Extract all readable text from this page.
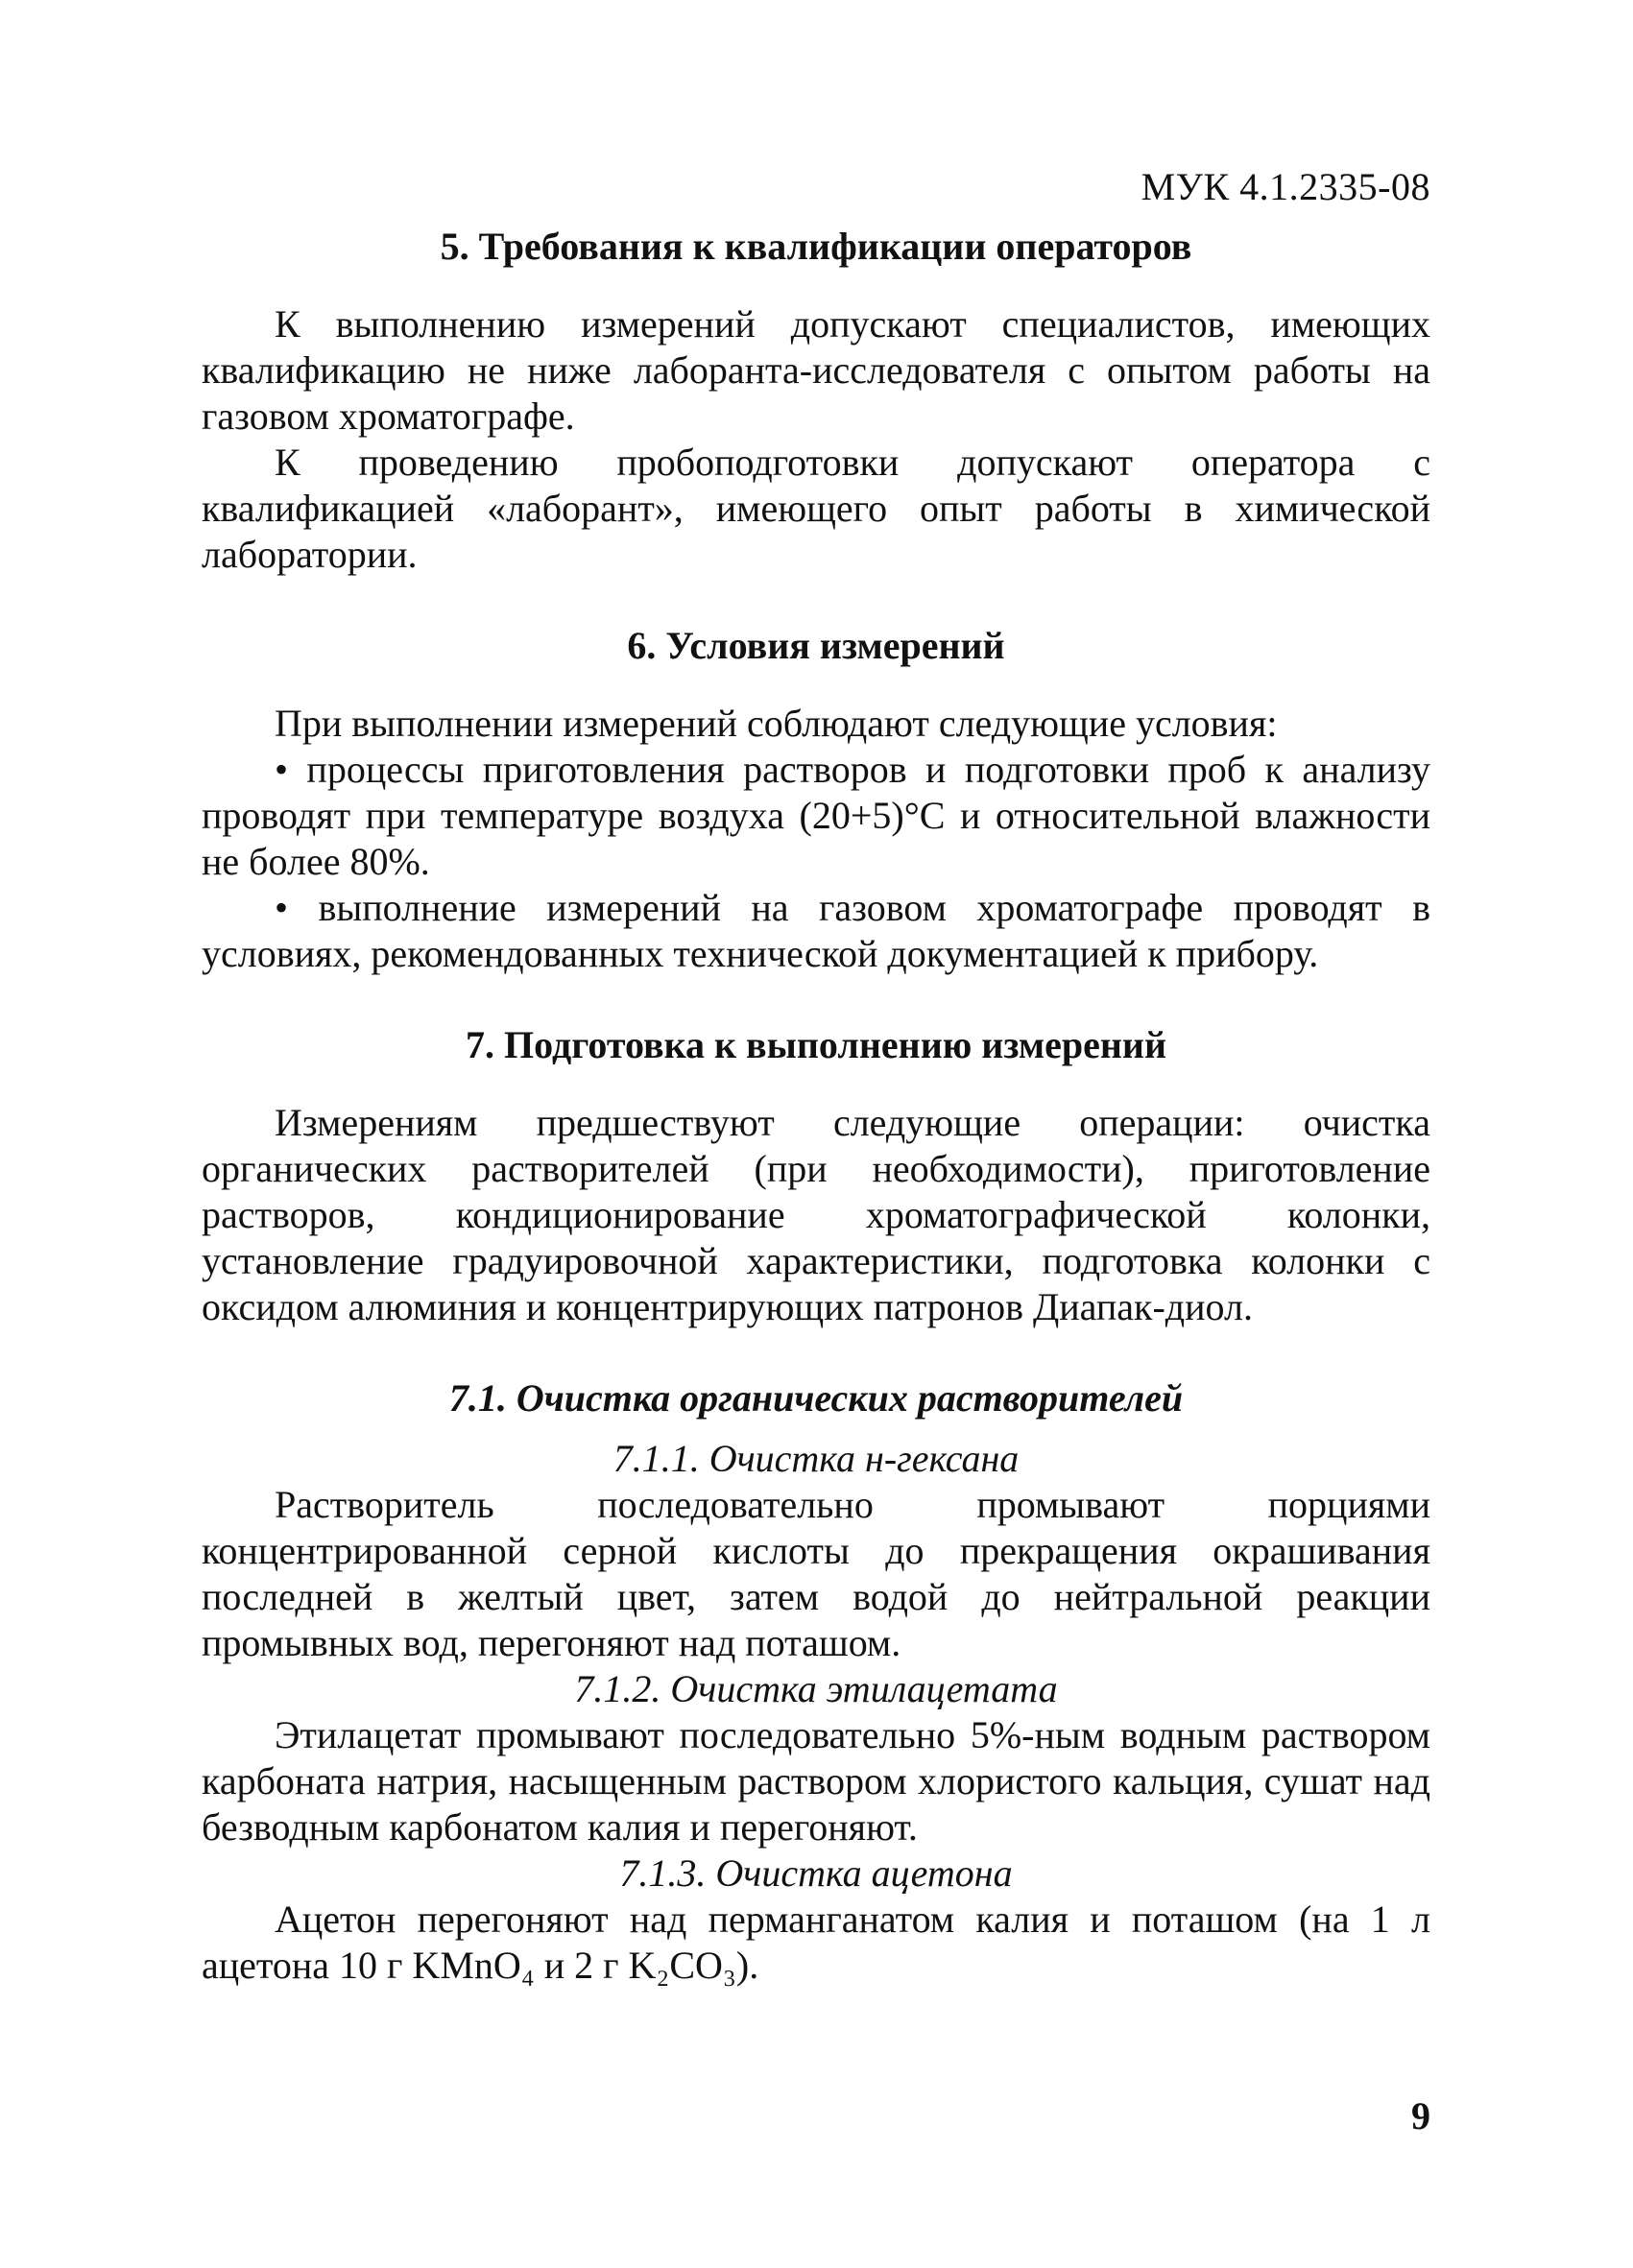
МУК 4.1.2335-08
5. Требования к квалификации операторов

К выполнению измерений допускают специалистов, имеющих квалификацию не ниже лаборанта-исследователя с опытом работы на газовом хроматографе.

К проведению пробоподготовки допускают оператора с квалификацией «лаборант», имеющего опыт работы в химической лаборатории.

6. Условия измерений

При выполнении измерений соблюдают следующие условия:

• процессы приготовления растворов и подготовки проб к анализу проводят при температуре воздуха (20+5)°С и относительной влажности не более 80%.

• выполнение измерений на газовом хроматографе проводят в условиях, рекомендованных технической документацией к прибору.

7. Подготовка к выполнению измерений

Измерениям предшествуют следующие операции: очистка органических растворителей (при необходимости), приготовление растворов, кондиционирование хроматографической колонки, установление градуировочной характеристики, подготовка колонки с оксидом алюминия и концентрирующих патронов Диапак-диол.

7.1. Очистка органических растворителей
7.1.1. Очистка н-гексана

Растворитель последовательно промывают порциями концентрированной серной кислоты до прекращения окрашивания последней в желтый цвет, затем водой до нейтральной реакции промывных вод, перегоняют над поташом.

7.1.2. Очистка этилацетата

Этилацетат промывают последовательно 5%-ным водным раствором карбоната натрия, насыщенным раствором хлористого кальция, сушат над безводным карбонатом калия и перегоняют.

7.1.3. Очистка ацетона

Ацетон перегоняют над перманганатом калия и поташом (на 1 л ацетона 10 г KMnO₄ и 2 г K₂CO₃).

9
